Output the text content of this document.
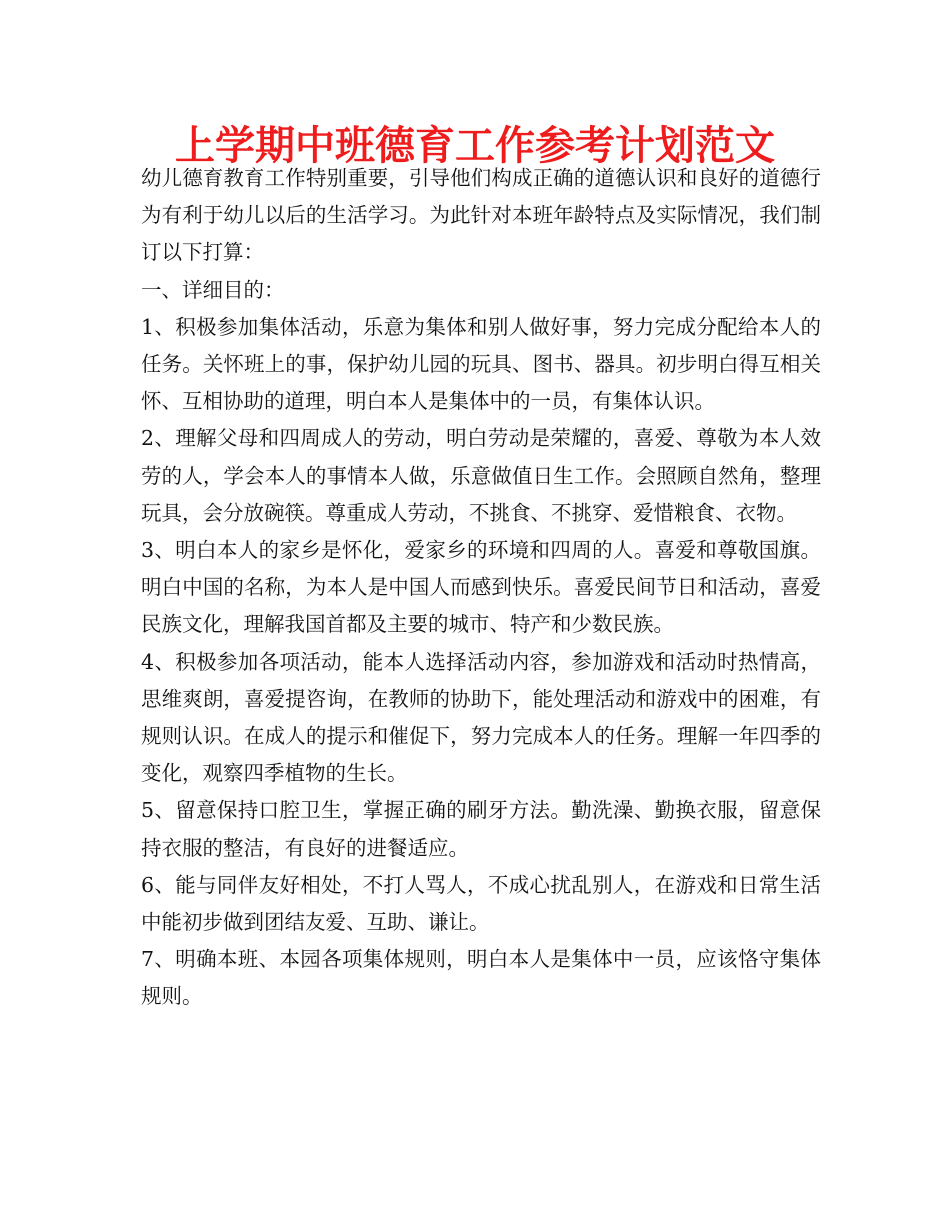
上学期中班德育工作参考计划范文

幼儿德育教育工作特别重要，引导他们构成正确的道德认识和良好的道德行为有利于幼儿以后的生活学习。为此针对本班年龄特点及实际情况，我们制订以下打算：

一、详细目的：

1、积极参加集体活动，乐意为集体和别人做好事，努力完成分配给本人的任务。关怀班上的事，保护幼儿园的玩具、图书、器具。初步明白得互相关怀、互相协助的道理，明白本人是集体中的一员，有集体认识。

2、理解父母和四周成人的劳动，明白劳动是荣耀的，喜爱、尊敬为本人效劳的人，学会本人的事情本人做，乐意做值日生工作。会照顾自然角，整理玩具，会分放碗筷。尊重成人劳动，不挑食、不挑穿、爱惜粮食、衣物。

3、明白本人的家乡是怀化，爱家乡的环境和四周的人。喜爱和尊敬国旗。明白中国的名称，为本人是中国人而感到快乐。喜爱民间节日和活动，喜爱民族文化，理解我国首都及主要的城市、特产和少数民族。

4、积极参加各项活动，能本人选择活动内容，参加游戏和活动时热情高，思维爽朗，喜爱提咨询，在教师的协助下，能处理活动和游戏中的困难，有规则认识。在成人的提示和催促下，努力完成本人的任务。理解一年四季的变化，观察四季植物的生长。

5、留意保持口腔卫生，掌握正确的刷牙方法。勤洗澡、勤换衣服，留意保持衣服的整洁，有良好的进餐适应。

6、能与同伴友好相处，不打人骂人，不成心扰乱别人，在游戏和日常生活中能初步做到团结友爱、互助、谦让。

7、明确本班、本园各项集体规则，明白本人是集体中一员，应该恪守集体规则。
